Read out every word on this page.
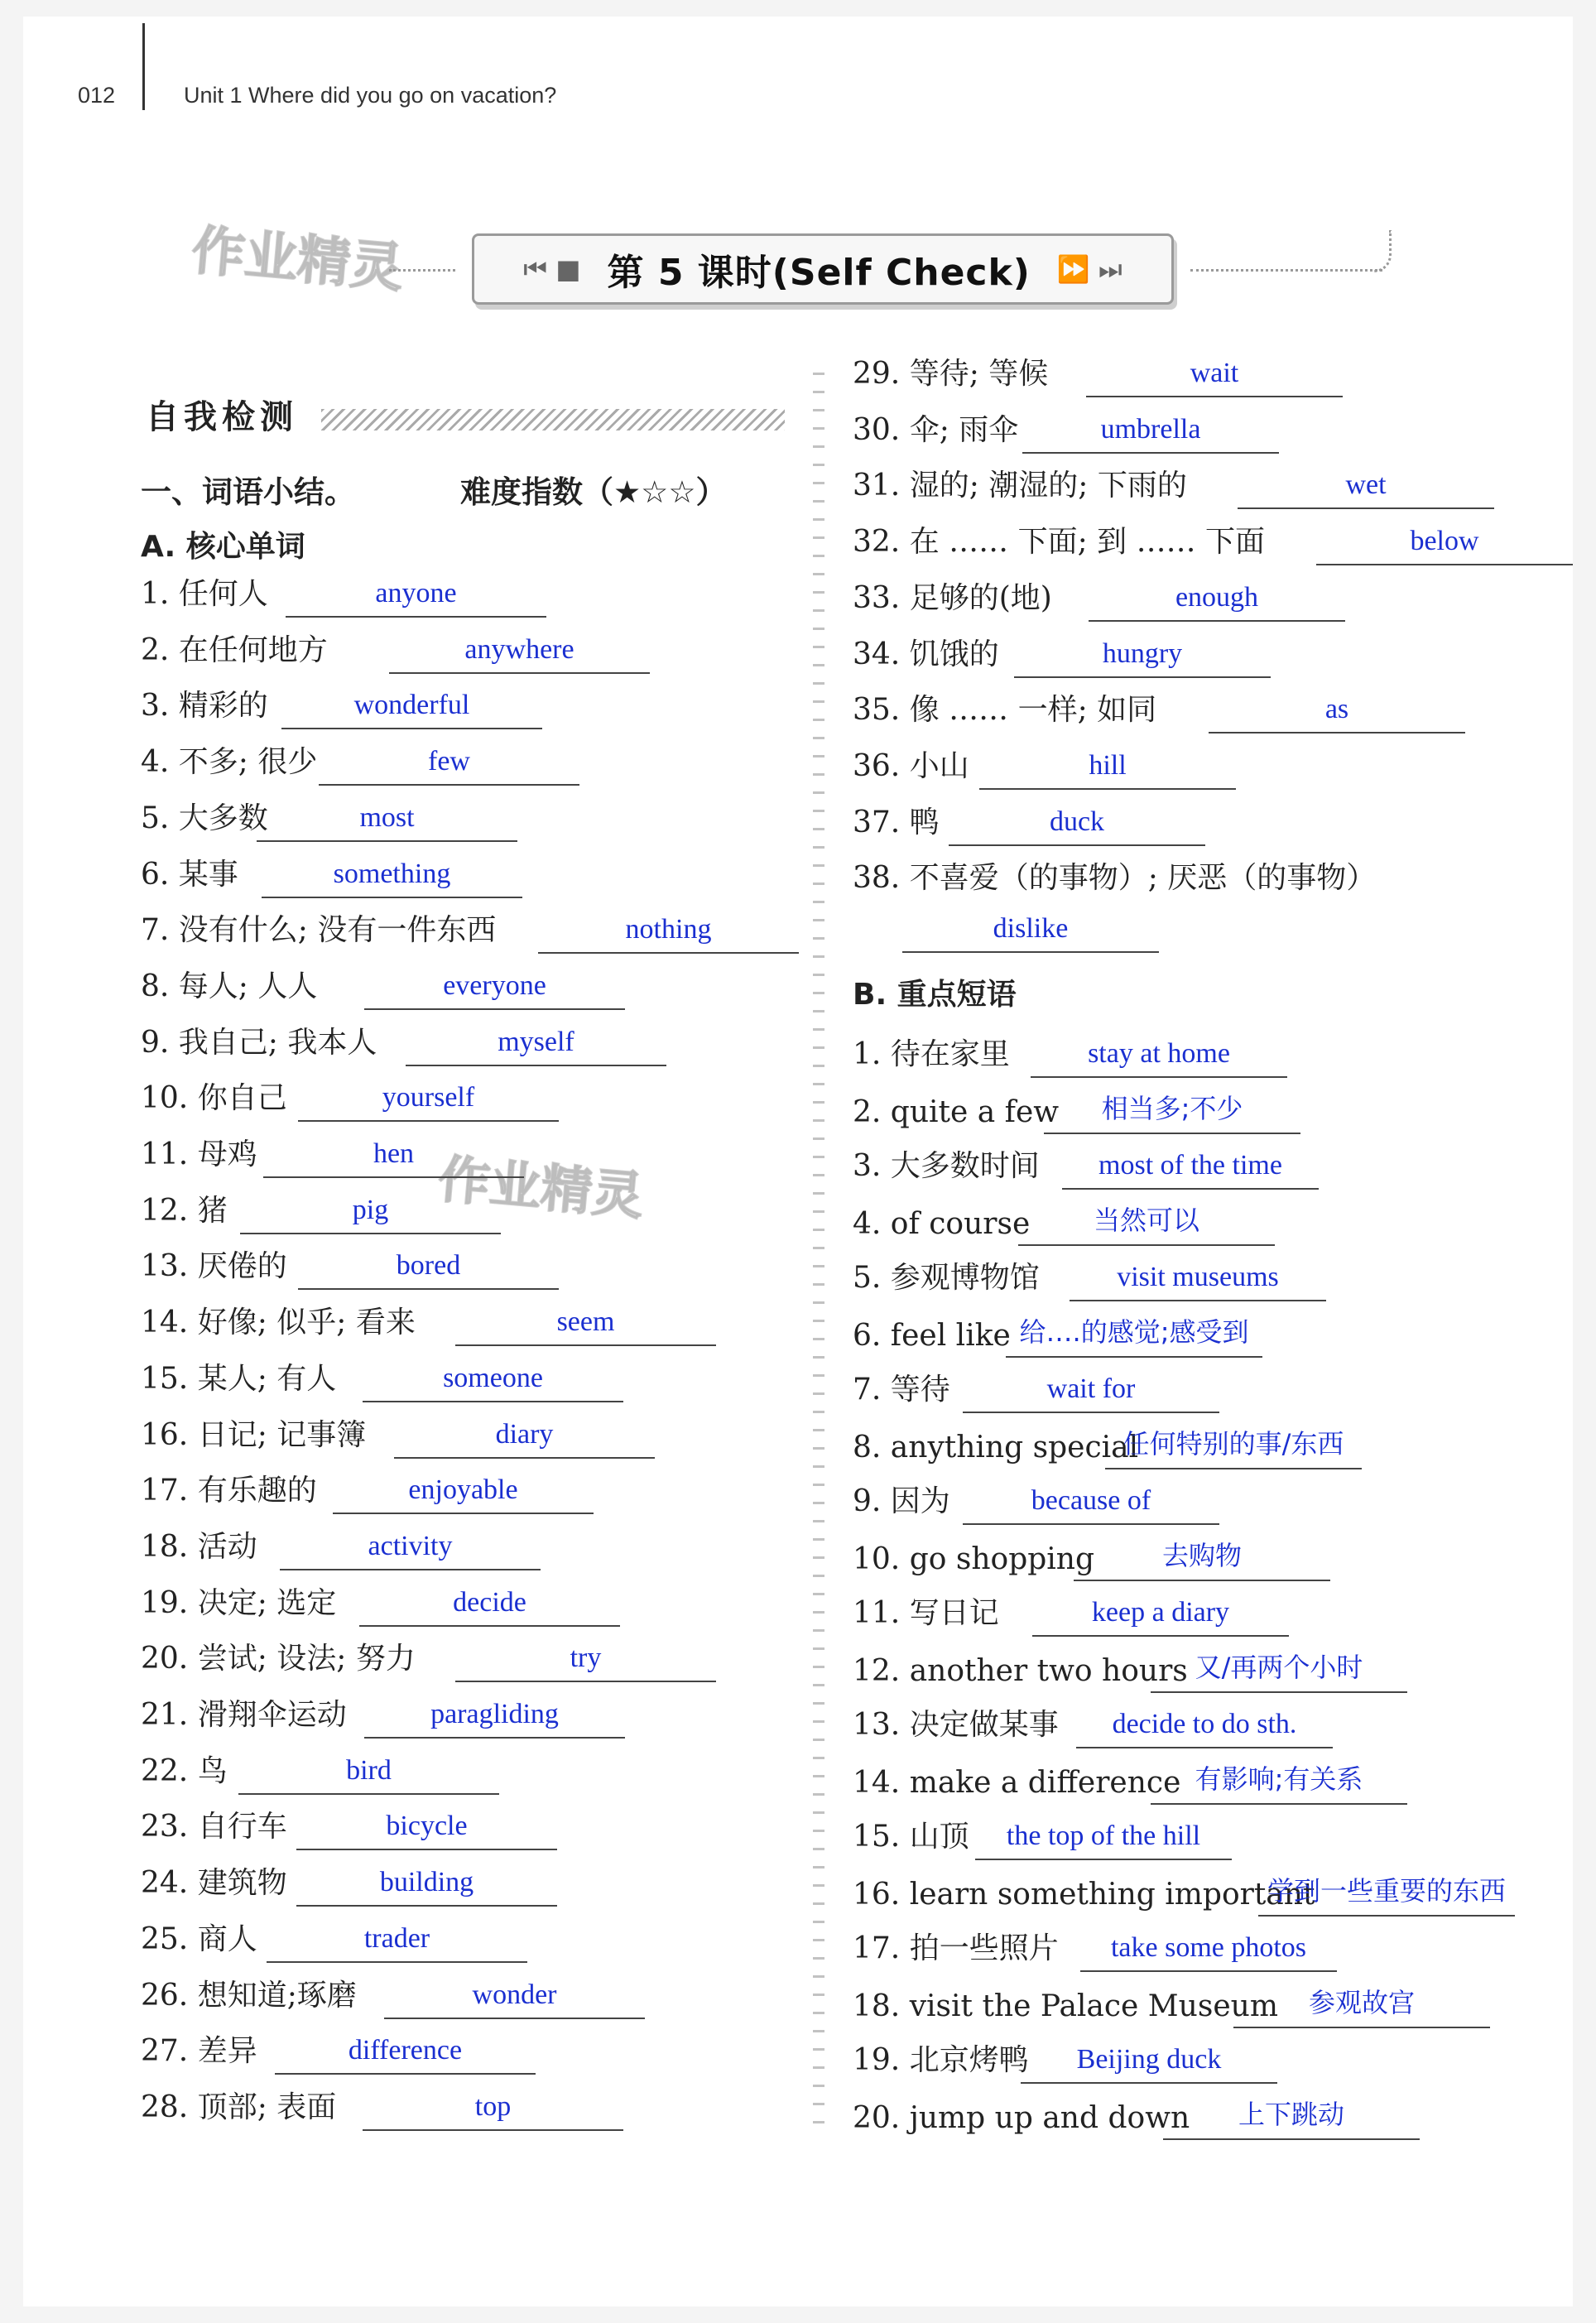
012	Unit 1 Where did you go on vacation?
作业精灵
作业精灵
⏮ ■ 第 5 课时(Self Check) ⏩ ⏭
自我检测
一、词语小结。	难度指数（★☆☆）
A. 核心单词
B. 重点短语
1. 任何人	anyone
2. 在任何地方	anywhere
3. 精彩的	wonderful
4. 不多; 很少	few
5. 大多数	most
6. 某事	something
7. 没有什么; 没有一件东西	nothing
8. 每人; 人人	everyone
9. 我自己; 我本人	myself
10. 你自己	yourself
11. 母鸡	hen
12. 猪	pig
13. 厌倦的	bored
14. 好像; 似乎; 看来	seem
15. 某人; 有人	someone
16. 日记; 记事簿	diary
17. 有乐趣的	enjoyable
18. 活动	activity
19. 决定; 选定	decide
20. 尝试; 设法; 努力	try
21. 滑翔伞运动	paragliding
22. 鸟	bird
23. 自行车	bicycle
24. 建筑物	building
25. 商人	trader
26. 想知道;琢磨	wonder
27. 差异	difference
28. 顶部; 表面	top
29. 等待; 等候	wait
30. 伞; 雨伞	umbrella
31. 湿的; 潮湿的; 下雨的	wet
32. 在 …… 下面; 到 …… 下面	below
33. 足够的(地)	enough
34. 饥饿的	hungry
35. 像 …… 一样; 如同	as
36. 小山	hill
37. 鸭	duck
38. 不喜爱（的事物）; 厌恶（的事物）
dislike
1. 待在家里	stay at home
2. quite a few	相当多;不少
3. 大多数时间	most of the time
4. of course	当然可以
5. 参观博物馆	visit museums
6. feel like 给….的感觉;感受到
7. 等待	wait for
8. anything special
任何特别的事/东西
9. 因为	because of
10. go shopping	去购物
11. 写日记	keep a diary
12. another two hours 又/再两个小时
13. 决定做某事	decide to do sth.
14. make a difference 有影响;有关系
15. 山顶	the top of the hill
16. learn something important
学到一些重要的东西
17. 拍一些照片	take some photos
18. visit the Palace Museum	参观故宫
19. 北京烤鸭	Beijing duck
20. jump up and down	上下跳动
